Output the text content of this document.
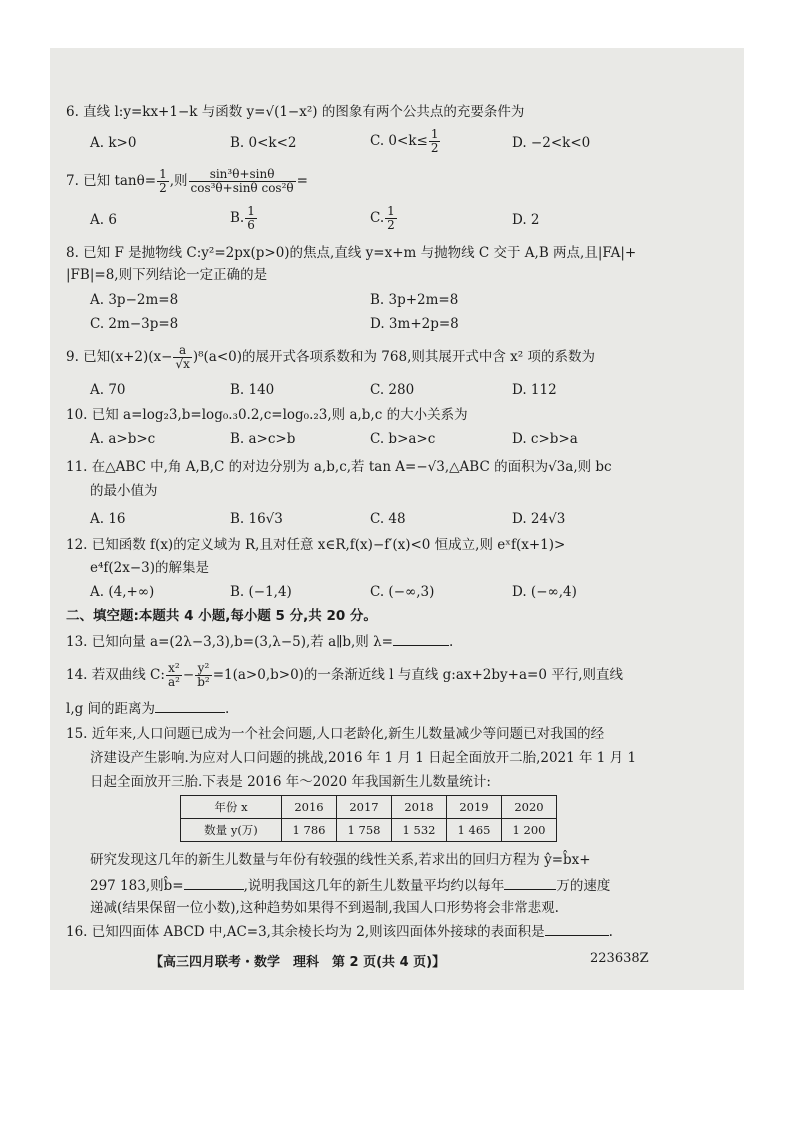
6. 直线 l:y=kx+1−k 与函数 y=√(1−x²) 的图象有两个公共点的充要条件为
A. k>0	B. 0<k<2	C. $0<k\le \frac{1}{2}$	D. −2<k<0
7. 已知 $\tan\theta= \frac{1}{2}$ ,则 $\frac{\text{sin³θ+sinθ}}{\text{cos³θ+sinθ cos²θ}}$ =
A. 6	B. $\frac{1}{6}$	C. $\frac{1}{2}$	D. 2
8. 已知 F 是抛物线 C:y²=2px(p>0)的焦点,直线 y=x+m 与抛物线 C 交于 A,B 两点,且|FA|+
|FB|=8,则下列结论一定正确的是
A. 3p−2m=8	B. 3p+2m=8
C. 2m−3p=8	D. 3m+2p=8
9. 已知$(x+2)(x- \frac{a}{√x} )^8(a<0)$的展开式各项系数和为 768,则其展开式中含 x² 项的系数为
A. 70	B. 140	C. 280	D. 112
10. 已知 a=log₂3,b=log₀.₃0.2,c=log₀.₂3,则 a,b,c 的大小关系为
A. a>b>c	B. a>c>b	C. b>a>c	D. c>b>a
11. 在△ABC 中,角 A,B,C 的对边分别为 a,b,c,若 tan A=−√3,△ABC 的面积为√3a,则 bc
的最小值为
A. 16	B. 16√3	C. 48	D. 24√3
12. 已知函数 f(x)的定义域为 R,且对任意 x∈R,f(x)−f′(x)<0 恒成立,则 eˣf(x+1)>
e⁴f(2x−3)的解集是
A. (4,+∞)	B. (−1,4)	C. (−∞,3)	D. (−∞,4)
二、填空题:本题共 4 小题,每小题 5 分,共 20 分。
13. 已知向量 a=(2λ−3,3),b=(3,λ−5),若 a∥b,则 λ=	.
14. 若双曲线 C: $\frac{\text{x²}}{\text{a²}} - \frac{\text{y²}}{\text{b²}} =1(a>0,b>0)$的一条渐近线 l 与直线 g:ax+2by+a=0 平行,则直线
l,g 间的距离为	.
15. 近年来,人口问题已成为一个社会问题,人口老龄化,新生儿数量减少等问题已对我国的经
济建设产生影响.为应对人口问题的挑战,2016 年 1 月 1 日起全面放开二胎,2021 年 1 月 1
日起全面放开三胎.下表是 2016 年～2020 年我国新生儿数量统计:
年份 x	2016	2017	2018	2019	2020
数量 y(万)	1 786	1 758	1 532	1 465	1 200
研究发现这几年的新生儿数量与年份有较强的线性关系,若求出的回归方程为 ŷ=b̂x+
297 183,则b̂=	,说明我国这几年的新生儿数量平均约以每年	万的速度
递减(结果保留一位小数),这种趋势如果得不到遏制,我国人口形势将会非常悲观.
16. 已知四面体 ABCD 中,AC=3,其余棱长均为 2,则该四面体外接球的表面积是	.
【高三四月联考・数学　理科　第 2 页(共 4 页)】	223638Z
